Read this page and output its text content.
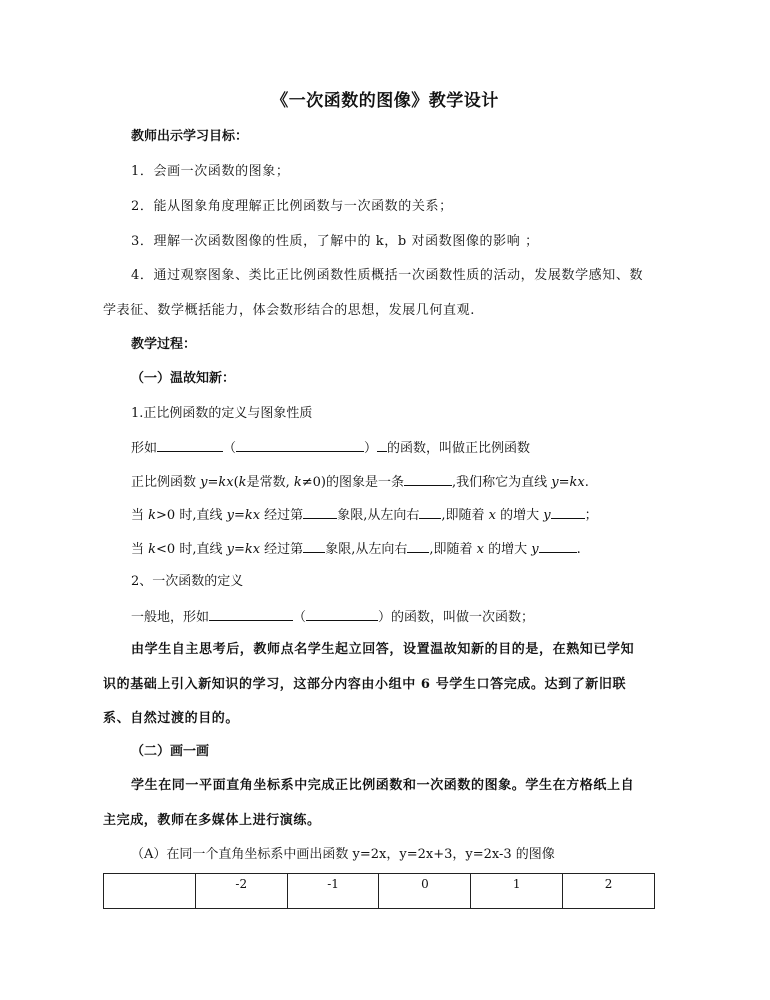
《一次函数的图像》教学设计
教师出示学习目标：
1．会画一次函数的图象；
2．能从图象角度理解正比例函数与一次函数的关系；
3．理解一次函数图像的性质，了解中的 k，b 对函数图像的影响 ；
4．通过观察图象、类比正比例函数性质概括一次函数性质的活动，发展数学感知、数
学表征、数学概括能力，体会数形结合的思想，发展几何直观.
教学过程：
（一）温故知新：
1.正比例函数的定义与图象性质
形如	（	） 的函数，叫做正比例函数
正比例函数 y=kx(k是常数, k≠0)的图象是一条	,我们称它为直线 y=kx.
当 k>0 时,直线 y=kx 经过第	象限,从左向右 ,即随着 x 的增大 y	；
当 k<0 时,直线 y=kx 经过第 象限,从左向右 ,即随着 x 的增大 y	.
2、一次函数的定义
一般地，形如	（	）的函数，叫做一次函数；
由学生自主思考后，教师点名学生起立回答，设置温故知新的目的是，在熟知已学知
识的基础上引入新知识的学习，这部分内容由小组中 6 号学生口答完成。达到了新旧联
系、自然过渡的目的。
（二）画一画
学生在同一平面直角坐标系中完成正比例函数和一次函数的图象。学生在方格纸上自
主完成，教师在多媒体上进行演练。
（A）在同一个直角坐标系中画出函数 y=2x，y=2x+3，y=2x-3 的图像
	-2	-1	0	1	2
